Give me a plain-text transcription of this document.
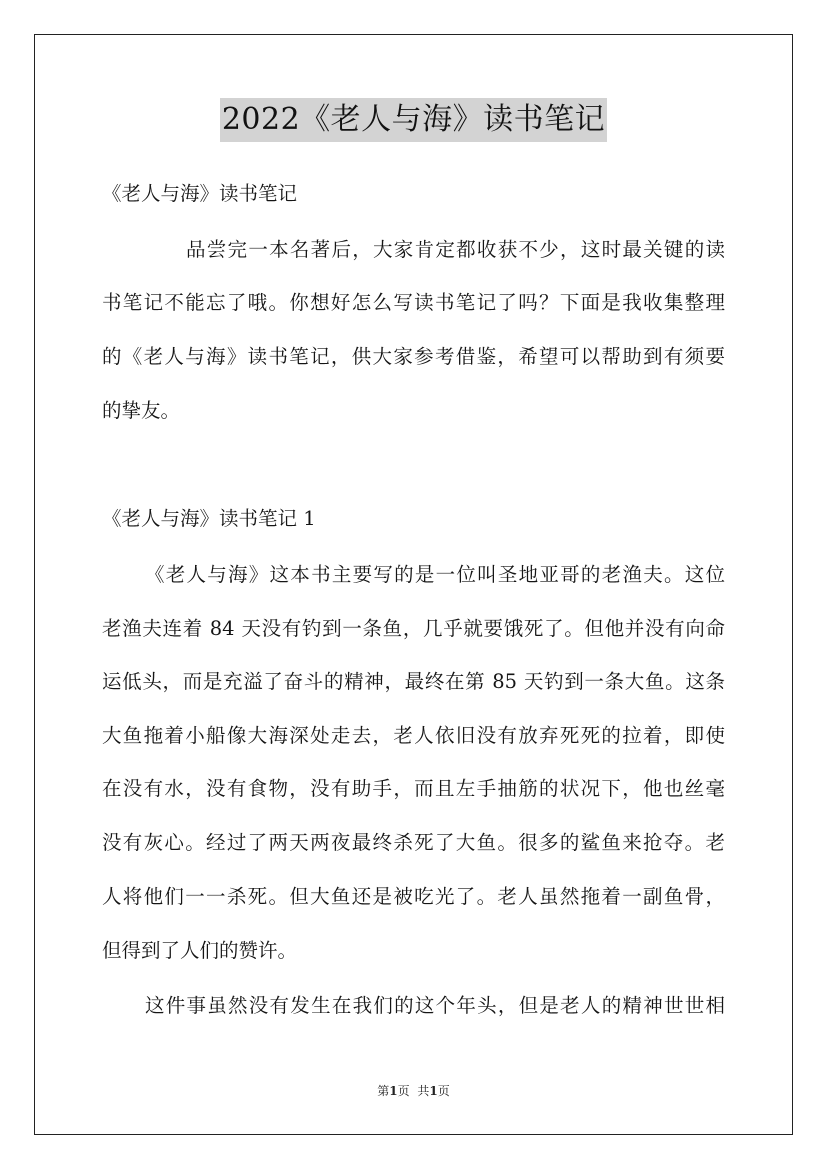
2022《老人与海》读书笔记
《老人与海》读书笔记
品尝完一本名著后，大家肯定都收获不少，这时最关键的读
书笔记不能忘了哦。你想好怎么写读书笔记了吗？下面是我收集整理
的《老人与海》读书笔记，供大家参考借鉴，希望可以帮助到有须要
的挚友。
《老人与海》读书笔记 1
《老人与海》这本书主要写的是一位叫圣地亚哥的老渔夫。这位
老渔夫连着 84 天没有钓到一条鱼，几乎就要饿死了。但他并没有向命
运低头，而是充溢了奋斗的精神，最终在第 85 天钓到一条大鱼。这条
大鱼拖着小船像大海深处走去，老人依旧没有放弃死死的拉着，即使
在没有水，没有食物，没有助手，而且左手抽筋的状况下，他也丝毫
没有灰心。经过了两天两夜最终杀死了大鱼。很多的鲨鱼来抢夺。老
人将他们一一杀死。但大鱼还是被吃光了。老人虽然拖着一副鱼骨，
但得到了人们的赞许。
这件事虽然没有发生在我们的这个年头，但是老人的精神世世相
第1页 共1页
